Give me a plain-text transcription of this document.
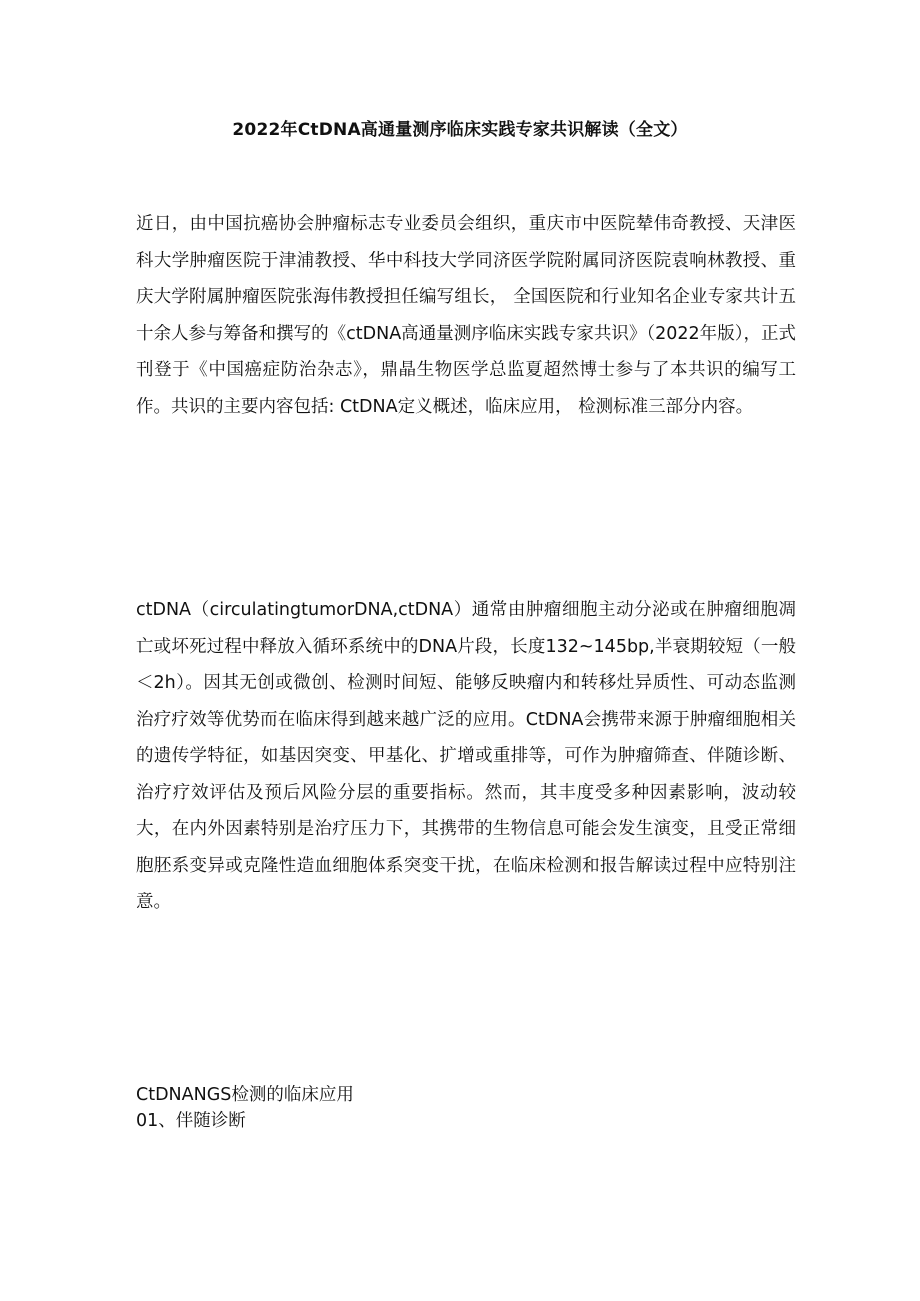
2022年CtDNA高通量测序临床实践专家共识解读（全文）
近日，由中国抗癌协会肿瘤标志专业委员会组织，重庆市中医院辇伟奇教授、天津医科大学肿瘤医院于津浦教授、华中科技大学同济医学院附属同济医院袁响林教授、重庆大学附属肿瘤医院张海伟教授担任编写组长， 全国医院和行业知名企业专家共计五十余人参与筹备和撰写的《ctDNA高通量测序临床实践专家共识》（2022年版），正式刊登于《中国癌症防治杂志》，鼎晶生物医学总监夏超然博士参与了本共识的编写工作。共识的主要内容包括: CtDNA定义概述，临床应用， 检测标准三部分内容。
ctDNA（circulatingtumorDNA,ctDNA）通常由肿瘤细胞主动分泌或在肿瘤细胞凋亡或坏死过程中释放入循环系统中的DNA片段，长度132~145bp,半衰期较短（一般＜2h）。因其无创或微创、检测时间短、能够反映瘤内和转移灶异质性、可动态监测治疗疗效等优势而在临床得到越来越广泛的应用。CtDNA会携带来源于肿瘤细胞相关的遗传学特征，如基因突变、甲基化、扩增或重排等，可作为肿瘤筛查、伴随诊断、治疗疗效评估及预后风险分层的重要指标。然而，其丰度受多种因素影响，波动较大，在内外因素特别是治疗压力下，其携带的生物信息可能会发生演变，且受正常细胞胚系变异或克隆性造血细胞体系突变干扰，在临床检测和报告解读过程中应特别注意。
CtDNANGS检测的临床应用
01、伴随诊断
